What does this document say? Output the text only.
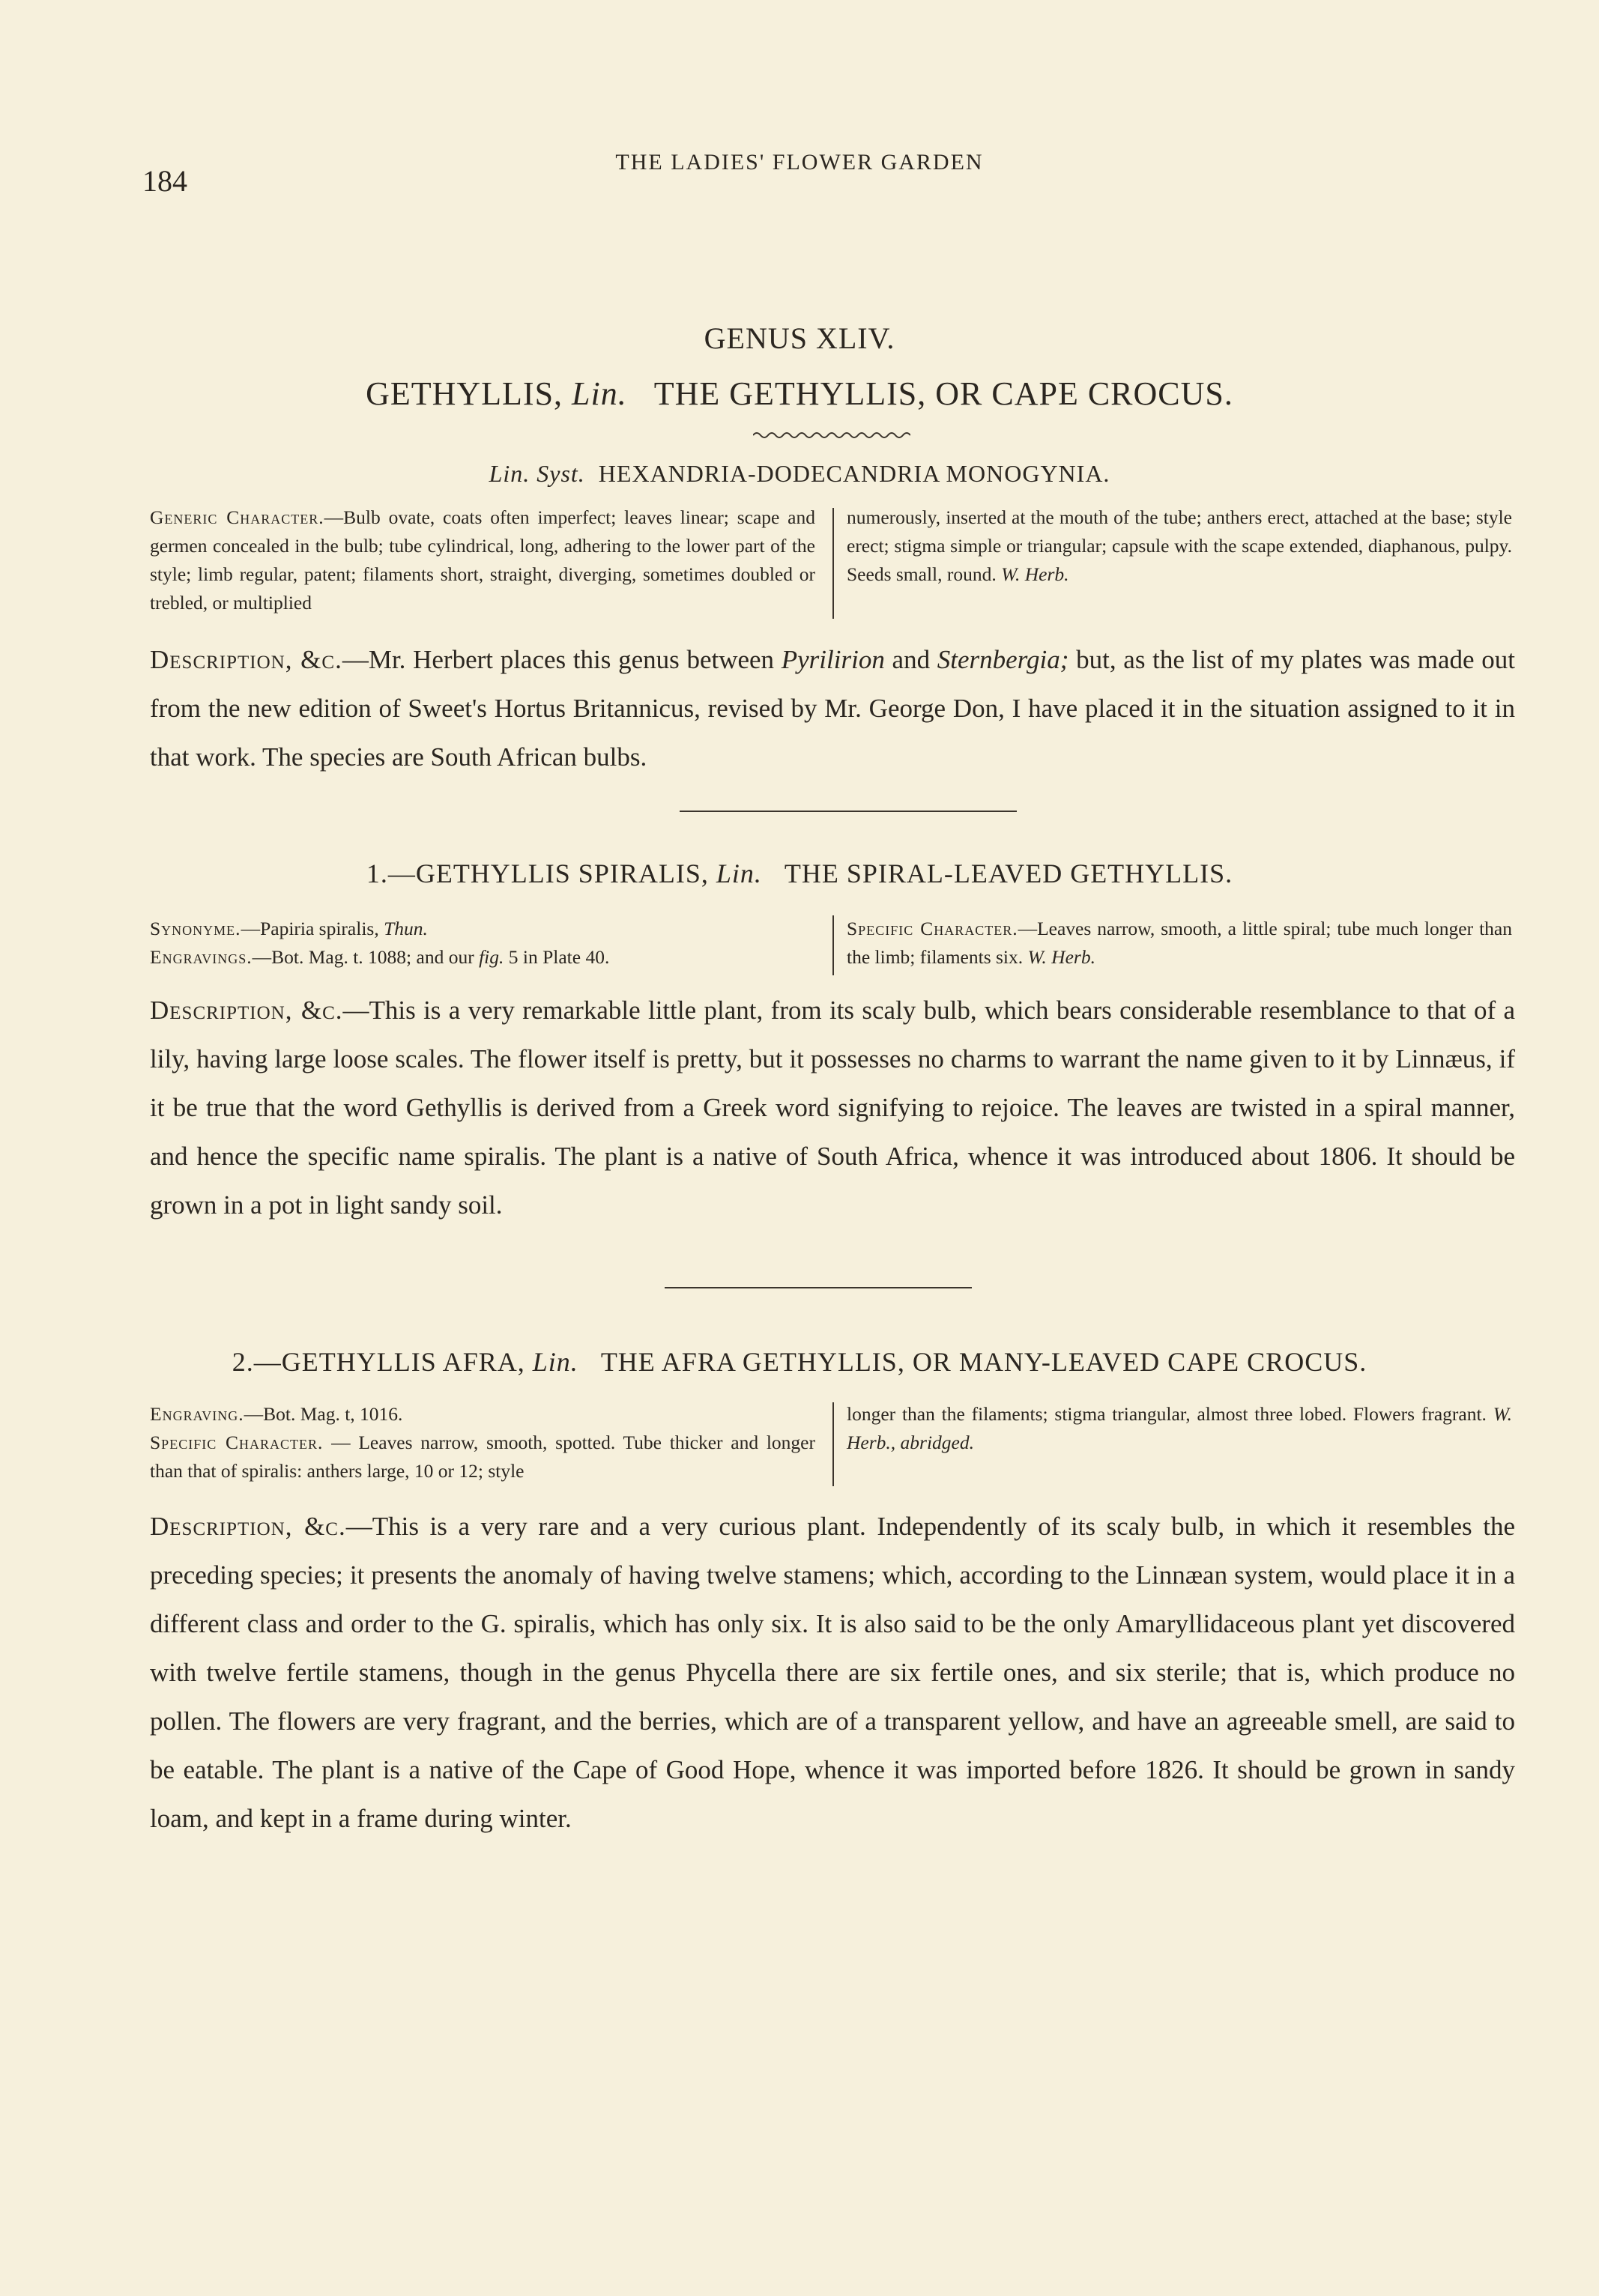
184
THE LADIES' FLOWER GARDEN
GENUS XLIV.
GETHYLLIS, Lin. THE GETHYLLIS, OR CAPE CROCUS.
Lin. Syst. HEXANDRIA-DODECANDRIA MONOGYNIA.
Generic Character.—Bulb ovate, coats often imperfect; leaves linear; scape and germen concealed in the bulb; tube cylindrical, long, adhering to the lower part of the style; limb regular, patent; filaments short, straight, diverging, sometimes doubled or trebled, or multiplied
numerously, inserted at the mouth of the tube; anthers erect, attached at the base; style erect; stigma simple or triangular; capsule with the scape extended, diaphanous, pulpy. Seeds small, round. W. Herb.
Description, &c.—Mr. Herbert places this genus between Pyrilirion and Sternbergia; but, as the list of my plates was made out from the new edition of Sweet's Hortus Britannicus, revised by Mr. George Don, I have placed it in the situation assigned to it in that work. The species are South African bulbs.
1.—GETHYLLIS SPIRALIS, Lin. THE SPIRAL-LEAVED GETHYLLIS.
Synonyme.—Papiria spiralis, Thun.
Engravings.—Bot. Mag. t. 1088; and our fig. 5 in Plate 40.
Specific Character.—Leaves narrow, smooth, a little spiral; tube much longer than the limb; filaments six. W. Herb.
Description, &c.—This is a very remarkable little plant, from its scaly bulb, which bears considerable resemblance to that of a lily, having large loose scales. The flower itself is pretty, but it possesses no charms to warrant the name given to it by Linnæus, if it be true that the word Gethyllis is derived from a Greek word signifying to rejoice. The leaves are twisted in a spiral manner, and hence the specific name spiralis. The plant is a native of South Africa, whence it was introduced about 1806. It should be grown in a pot in light sandy soil.
2.—GETHYLLIS AFRA, Lin. THE AFRA GETHYLLIS, OR MANY-LEAVED CAPE CROCUS.
Engraving.—Bot. Mag. t, 1016.
Specific Character. — Leaves narrow, smooth, spotted. Tube thicker and longer than that of spiralis: anthers large, 10 or 12; style
longer than the filaments; stigma triangular, almost three lobed. Flowers fragrant. W. Herb., abridged.
Description, &c.—This is a very rare and a very curious plant. Independently of its scaly bulb, in which it resembles the preceding species; it presents the anomaly of having twelve stamens; which, according to the Linnæan system, would place it in a different class and order to the G. spiralis, which has only six. It is also said to be the only Amaryllidaceous plant yet discovered with twelve fertile stamens, though in the genus Phycella there are six fertile ones, and six sterile; that is, which produce no pollen. The flowers are very fragrant, and the berries, which are of a transparent yellow, and have an agreeable smell, are said to be eatable. The plant is a native of the Cape of Good Hope, whence it was imported before 1826. It should be grown in sandy loam, and kept in a frame during winter.
